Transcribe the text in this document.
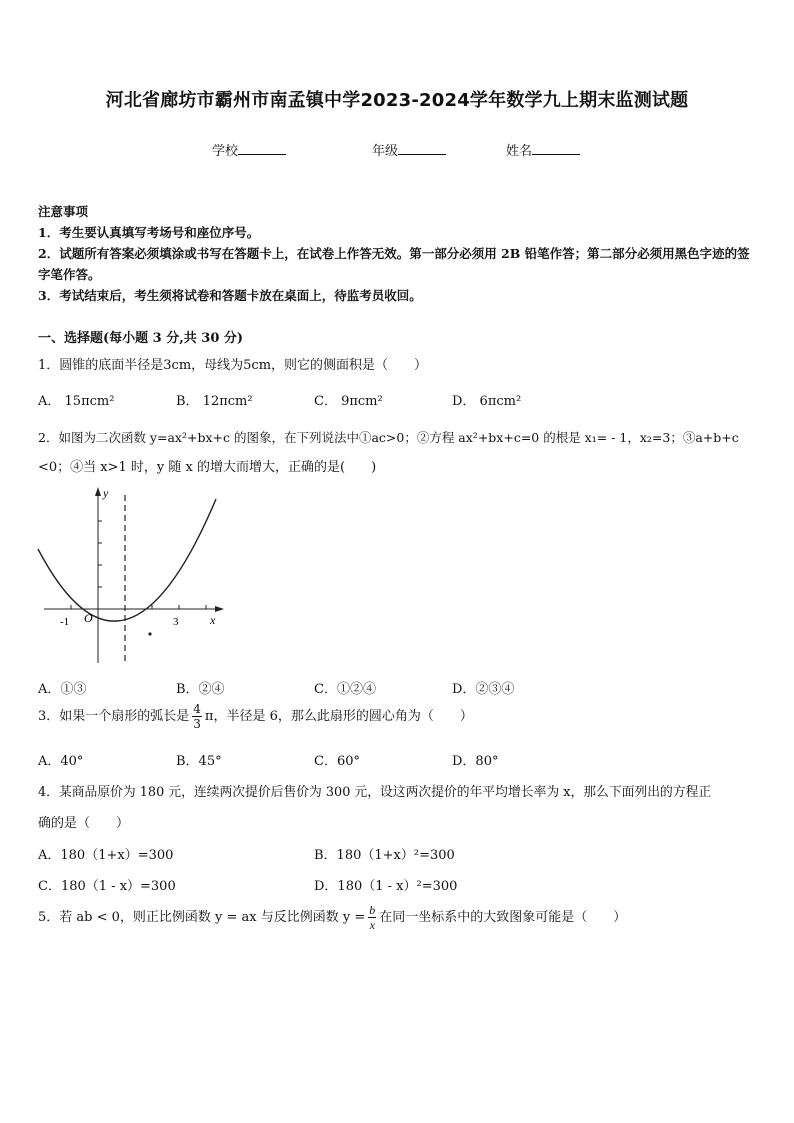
河北省廊坊市霸州市南孟镇中学2023-2024学年数学九上期末监测试题
学校	年级	姓名
注意事项
1．考生要认真填写考场号和座位序号。
2．试题所有答案必须填涂或书写在答题卡上，在试卷上作答无效。第一部分必须用 2B 铅笔作答；第二部分必须用黑色字迹的签字笔作答。
3．考试结束后，考生须将试卷和答题卡放在桌面上，待监考员收回。
一、选择题(每小题 3 分,共 30 分)
1．圆锥的底面半径是3cm，母线为5cm，则它的侧面积是（　　）
A． 15πcm²	B． 12πcm²	C． 9πcm²	D． 6πcm²
2．如图为二次函数 y=ax²+bx+c 的图象，在下列说法中①ac>0；②方程 ax²+bx+c=0 的根是 x₁= - 1，x₂=3；③a+b+c
<0；④当 x>1 时，y 随 x 的增大而增大，正确的是(　　)
y
x
O
-1	3
A．①③	B．②④	C．①②④	D．②③④
3．如果一个扇形的弧长是 $\frac{4}{3}$ π，半径是 6，那么此扇形的圆心角为（　　）
A．40°	B．45°	C．60°	D．80°
4．某商品原价为 180 元，连续两次提价后售价为 300 元，设这两次提价的年平均增长率为 x，那么下面列出的方程正
确的是（　　）
A．180（1+x）=300	B．180（1+x）²=300
C．180（1 - x）=300	D．180（1 - x）²=300
5．若 ab < 0，则正比例函数 y = ax 与反比例函数 $y = \frac{b}{x}$ 在同一坐标系中的大致图象可能是（　　）
